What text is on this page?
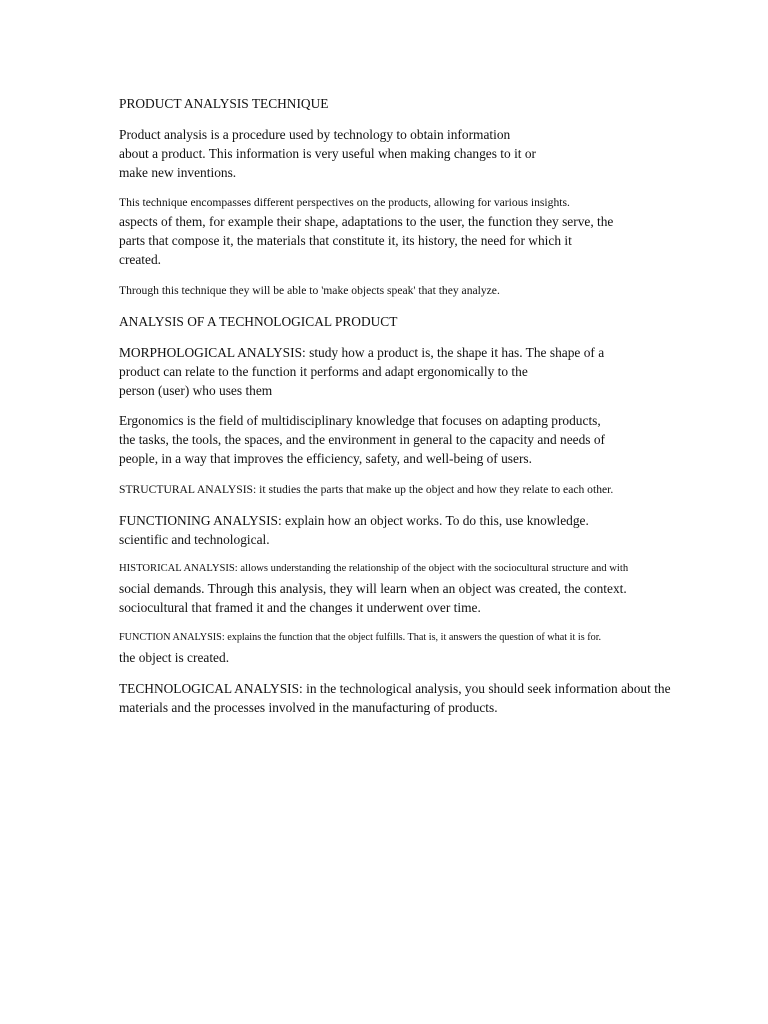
PRODUCT ANALYSIS TECHNIQUE
Product analysis is a procedure used by technology to obtain information
about a product. This information is very useful when making changes to it or
make new inventions.
This technique encompasses different perspectives on the products, allowing for various insights.
aspects of them, for example their shape, adaptations to the user, the function they serve, the
parts that compose it, the materials that constitute it, its history, the need for which it
created.
Through this technique they will be able to 'make objects speak' that they analyze.
ANALYSIS OF A TECHNOLOGICAL PRODUCT
MORPHOLOGICAL ANALYSIS: study how a product is, the shape it has. The shape of a
product can relate to the function it performs and adapt ergonomically to the
person (user) who uses them
Ergonomics is the field of multidisciplinary knowledge that focuses on adapting products,
the tasks, the tools, the spaces, and the environment in general to the capacity and needs of
people, in a way that improves the efficiency, safety, and well-being of users.
STRUCTURAL ANALYSIS: it studies the parts that make up the object and how they relate to each other.
FUNCTIONING ANALYSIS: explain how an object works. To do this, use knowledge.
scientific and technological.
HISTORICAL ANALYSIS: allows understanding the relationship of the object with the sociocultural structure and with
social demands. Through this analysis, they will learn when an object was created, the context.
sociocultural that framed it and the changes it underwent over time.
FUNCTION ANALYSIS: explains the function that the object fulfills. That is, it answers the question of what it is for.
the object is created.
TECHNOLOGICAL ANALYSIS: in the technological analysis, you should seek information about the
materials and the processes involved in the manufacturing of products.
